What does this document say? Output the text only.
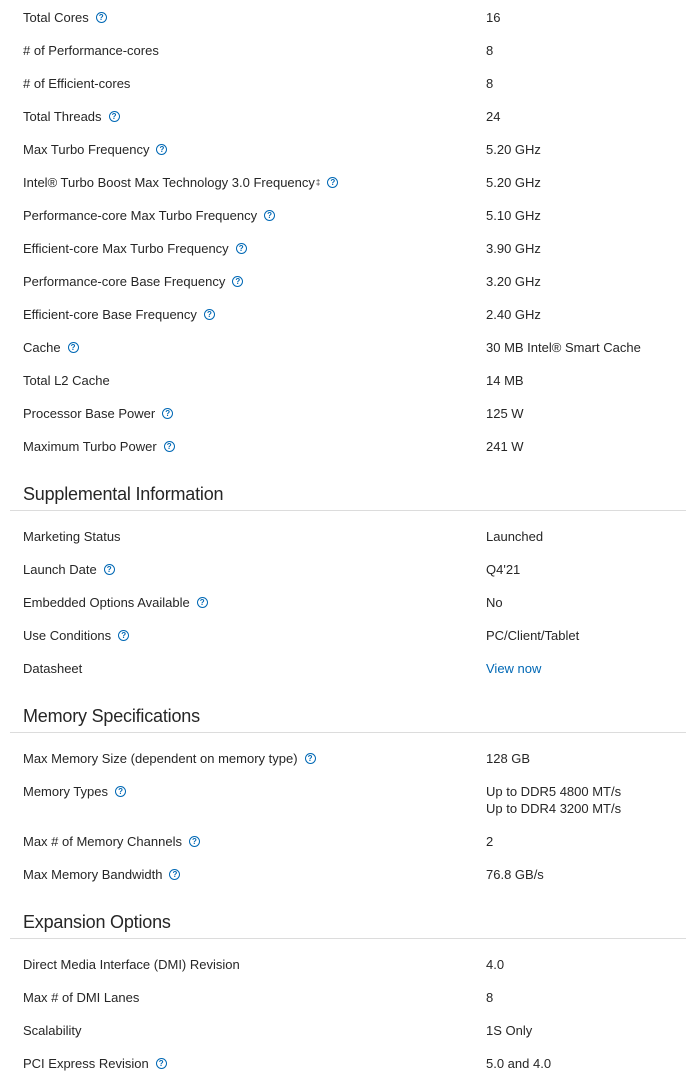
Total Cores	?	16
# of Performance-cores	8
# of Efficient-cores	8
Total Threads	?	24
Max Turbo Frequency	?	5.20 GHz
Intel® Turbo Boost Max Technology 3.0 Frequency ‡	?	5.20 GHz
Performance-core Max Turbo Frequency	?	5.10 GHz
Efficient-core Max Turbo Frequency	?	3.90 GHz
Performance-core Base Frequency	?	3.20 GHz
Efficient-core Base Frequency	?	2.40 GHz
Cache	?	30 MB Intel® Smart Cache
Total L2 Cache	14 MB
Processor Base Power	?	125 W
Maximum Turbo Power	?	241 W
Supplemental Information
Marketing Status	Launched
Launch Date	?	Q4'21
Embedded Options Available	?	No
Use Conditions	?	PC/Client/Tablet
Datasheet	View now
Memory Specifications
Max Memory Size (dependent on memory type)	?	128 GB
Memory Types	?	Up to DDR5 4800 MT/s
Up to DDR4 3200 MT/s
Max # of Memory Channels	?	2
Max Memory Bandwidth	?	76.8 GB/s
Expansion Options
Direct Media Interface (DMI) Revision	4.0
Max # of DMI Lanes	8
Scalability	1S Only
PCI Express Revision	?	5.0 and 4.0
